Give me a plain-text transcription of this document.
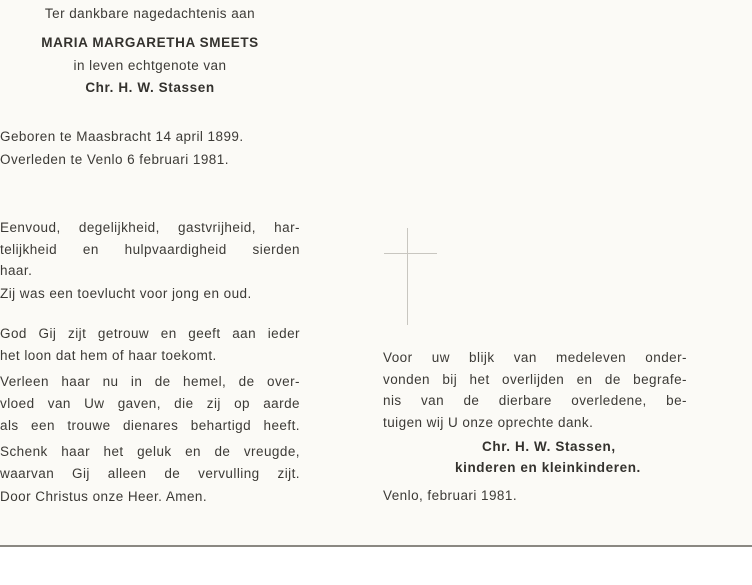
Ter dankbare nagedachtenis aan
MARIA MARGARETHA SMEETS
in leven echtgenote van
Chr. H. W. Stassen
Geboren te Maasbracht 14 april 1899.
Overleden te Venlo 6 februari 1981.
Eenvoud, degelijkheid, gastvrijheid, har-
telijkheid en hulpvaardigheid sierden
haar.
Zij was een toevlucht voor jong en oud.
God Gij zijt getrouw en geeft aan ieder
het loon dat hem of haar toekomt.
Verleen haar nu in de hemel, de over-
vloed van Uw gaven, die zij op aarde
als een trouwe dienares behartigd heeft.
Schenk haar het geluk en de vreugde,
waarvan Gij alleen de vervulling zijt.
Door Christus onze Heer. Amen.
Voor uw blijk van medeleven onder-
vonden bij het overlijden en de begrafe-
nis van de dierbare overledene, be-
tuigen wij U onze oprechte dank.
Chr. H. W. Stassen,
kinderen en kleinkinderen.
Venlo, februari 1981.
